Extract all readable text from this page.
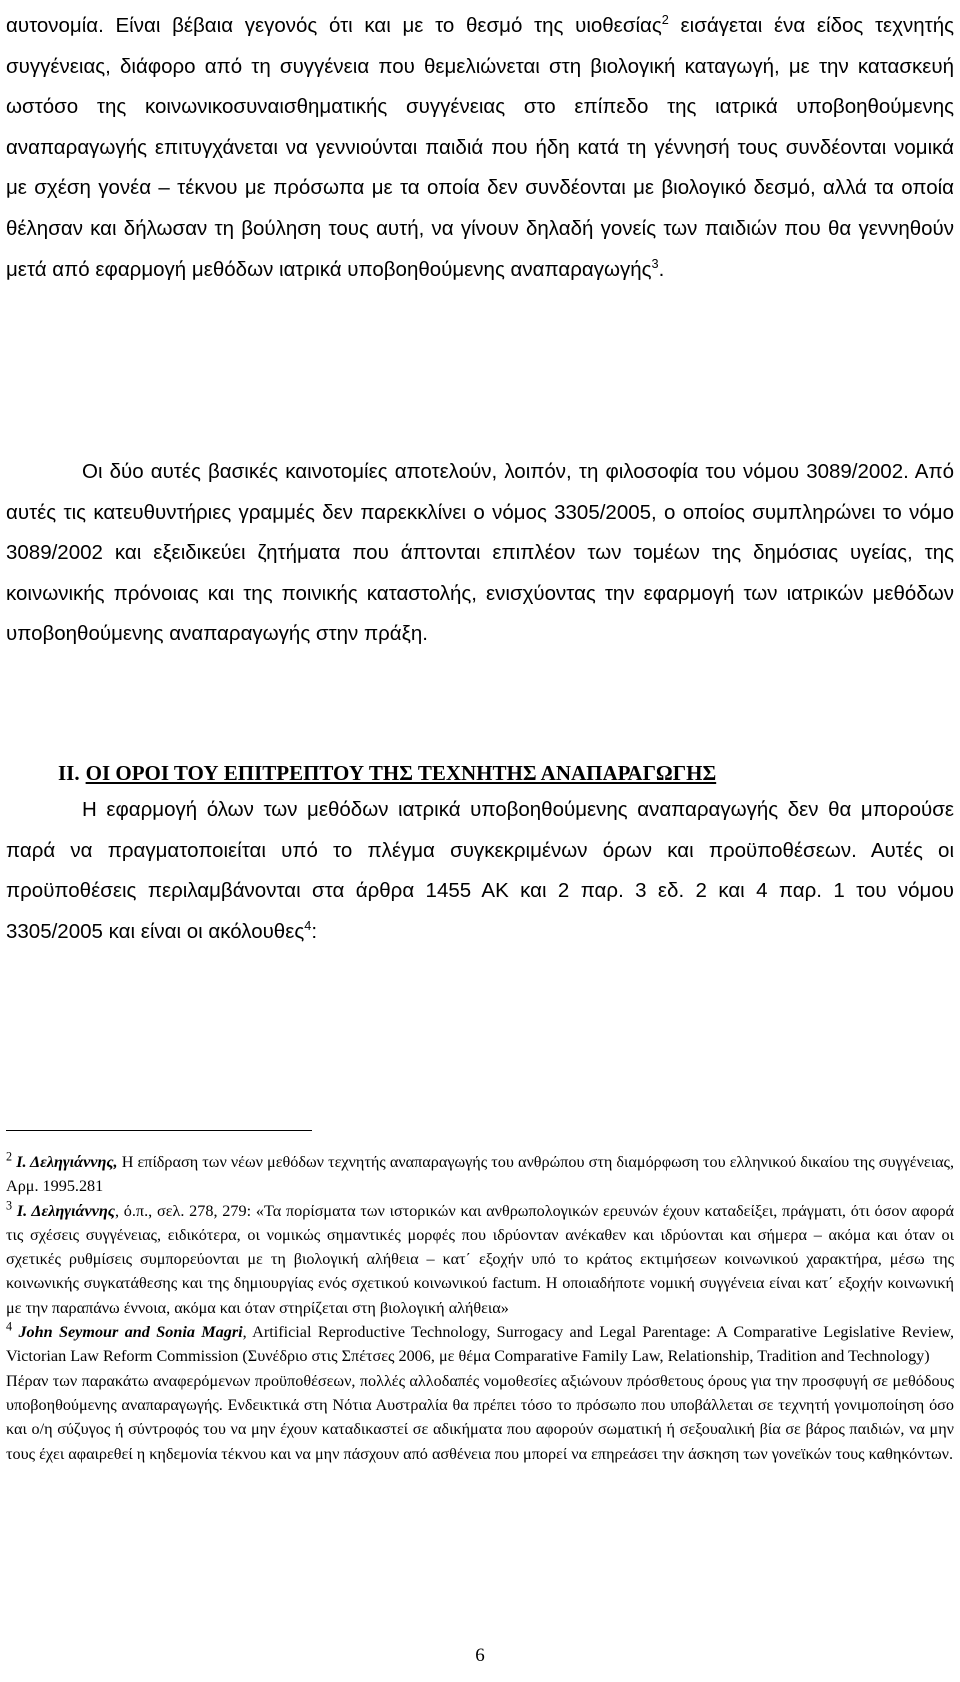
αυτονομία. Είναι βέβαια γεγονός ότι και με το θεσμό της υιοθεσίας$^2$ εισάγεται ένα είδος τεχνητής συγγένειας, διάφορο από τη συγγένεια που θεμελιώνεται στη βιολογική καταγωγή, με την κατασκευή ωστόσο της κοινωνικοσυναισθηματικής συγγένειας στο επίπεδο της ιατρικά υποβοηθούμενης αναπαραγωγής επιτυγχάνεται να γεννιούνται παιδιά που ήδη κατά τη γέννησή τους συνδέονται νομικά με σχέση γονέα – τέκνου με πρόσωπα με τα οποία δεν συνδέονται με βιολογικό δεσμό, αλλά τα οποία θέλησαν και δήλωσαν τη βούληση τους αυτή, να γίνουν δηλαδή γονείς των παιδιών που θα γεννηθούν μετά από εφαρμογή μεθόδων ιατρικά υποβοηθούμενης αναπαραγωγής$^3$.

Οι δύο αυτές βασικές καινοτομίες αποτελούν, λοιπόν, τη φιλοσοφία του νόμου 3089/2002. Από αυτές τις κατευθυντήριες γραμμές δεν παρεκκλίνει ο νόμος 3305/2005, ο οποίος συμπληρώνει το νόμο 3089/2002 και εξειδικεύει ζητήματα που άπτονται επιπλέον των τομέων της δημόσιας υγείας, της κοινωνικής πρόνοιας και της ποινικής καταστολής, ενισχύοντας την εφαρμογή των ιατρικών μεθόδων υποβοηθούμενης αναπαραγωγής στην πράξη.

ΙΙ. ΟΙ ΟΡΟΙ ΤΟΥ ΕΠΙΤΡΕΠΤΟΥ ΤΗΣ ΤΕΧΝΗΤΗΣ ΑΝΑΠΑΡΑΓΩΓΗΣ

Η εφαρμογή όλων των μεθόδων ιατρικά υποβοηθούμενης αναπαραγωγής δεν θα μπορούσε παρά να πραγματοποιείται υπό το πλέγμα συγκεκριμένων όρων και προϋποθέσεων. Αυτές οι προϋποθέσεις περιλαμβάνονται στα άρθρα 1455 ΑΚ και 2 παρ. 3 εδ. 2 και 4 παρ. 1 του νόμου 3305/2005 και είναι οι ακόλουθες$^4$:

$^2$ Ι. Δεληγιάννης, Η επίδραση των νέων μεθόδων τεχνητής αναπαραγωγής του ανθρώπου στη διαμόρφωση του ελληνικού δικαίου της συγγένειας, Αρμ. 1995.281

$^3$ Ι. Δεληγιάννης, ό.π., σελ. 278, 279: «Τα πορίσματα των ιστορικών και ανθρωπολογικών ερευνών έχουν καταδείξει, πράγματι, ότι όσον αφορά τις σχέσεις συγγένειας, ειδικότερα, οι νομικώς σημαντικές μορφές που ιδρύονταν ανέκαθεν και ιδρύονται και σήμερα – ακόμα και όταν οι σχετικές ρυθμίσεις συμπορεύονται με τη βιολογική αλήθεια – κατ΄ εξοχήν υπό το κράτος εκτιμήσεων κοινωνικού χαρακτήρα, μέσω της κοινωνικής συγκατάθεσης και της δημιουργίας ενός σχετικού κοινωνικού factum. Η οποιαδήποτε νομική συγγένεια είναι κατ΄ εξοχήν κοινωνική με την παραπάνω έννοια, ακόμα και όταν στηρίζεται στη βιολογική αλήθεια»

$^4$ John Seymour and Sonia Magri, Artificial Reproductive Technology, Surrogacy and Legal Parentage: A Comparative Legislative Review, Victorian Law Reform Commission (Συνέδριο στις Σπέτσες 2006, με θέμα Comparative Family Law, Relationship, Tradition and Technology)

Πέραν των παρακάτω αναφερόμενων προϋποθέσεων, πολλές αλλοδαπές νομοθεσίες αξιώνουν πρόσθετους όρους για την προσφυγή σε μεθόδους υποβοηθούμενης αναπαραγωγής. Ενδεικτικά στη Νότια Αυστραλία θα πρέπει τόσο το πρόσωπο που υποβάλλεται σε τεχνητή γονιμοποίηση όσο και ο/η σύζυγος ή σύντροφός του να μην έχουν καταδικαστεί σε αδικήματα που αφορούν σωματική ή σεξουαλική βία σε βάρος παιδιών, να μην τους έχει αφαιρεθεί η κηδεμονία τέκνου και να μην πάσχουν από ασθένεια που μπορεί να επηρεάσει την άσκηση των γονεϊκών τους καθηκόντων.

6
